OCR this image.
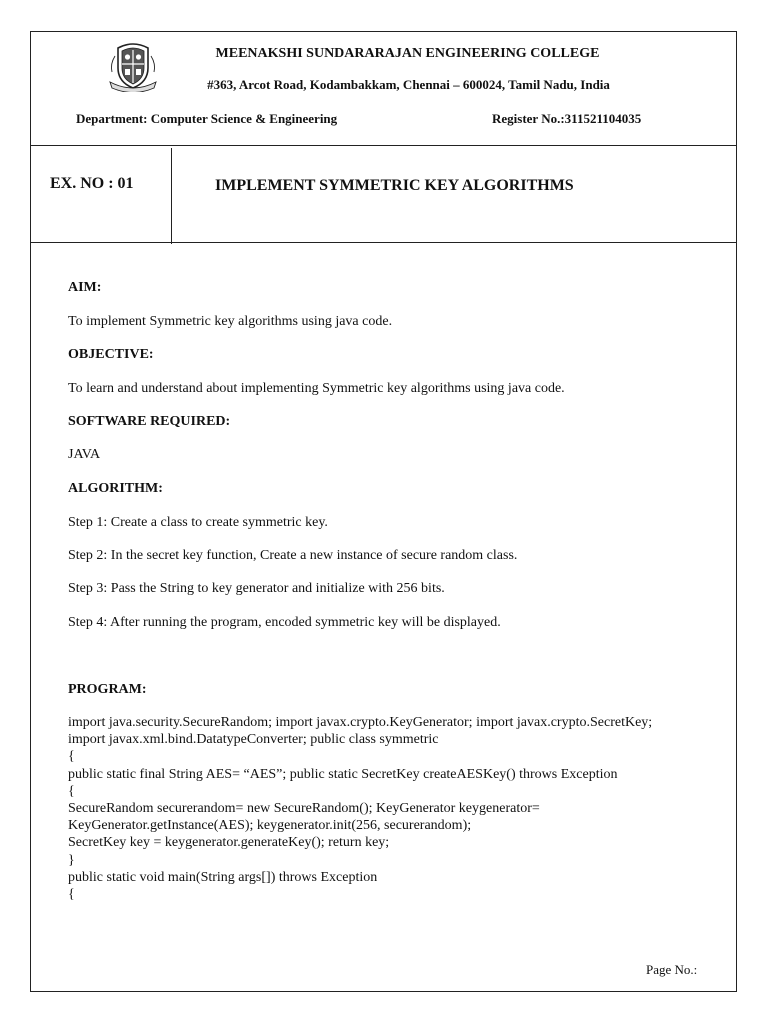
MEENAKSHI SUNDARARAJAN ENGINEERING COLLEGE
#363, Arcot Road, Kodambakkam, Chennai – 600024, Tamil Nadu, India
Department: Computer Science & Engineering	Register No.:311521104035
EX. NO : 01	IMPLEMENT SYMMETRIC KEY ALGORITHMS
AIM:
To implement Symmetric key algorithms using java code.
OBJECTIVE:
To learn and understand about implementing Symmetric key algorithms using java code.
SOFTWARE REQUIRED:
JAVA
ALGORITHM:
Step 1: Create a class to create symmetric key.
Step 2: In the secret key function, Create a new instance of secure random class.
Step 3: Pass the String to key generator and initialize with 256 bits.
Step 4: After running the program, encoded symmetric key will be displayed.
PROGRAM:
import java.security.SecureRandom; import javax.crypto.KeyGenerator; import javax.crypto.SecretKey;
import javax.xml.bind.DatatypeConverter; public class symmetric
{
public static final String AES= “AES”; public static SecretKey createAESKey() throws Exception
{
SecureRandom securerandom= new SecureRandom(); KeyGenerator keygenerator=
KeyGenerator.getInstance(AES); keygenerator.init(256, securerandom);
SecretKey key = keygenerator.generateKey(); return key;
}
public static void main(String args[]) throws Exception
{
Page No.:
